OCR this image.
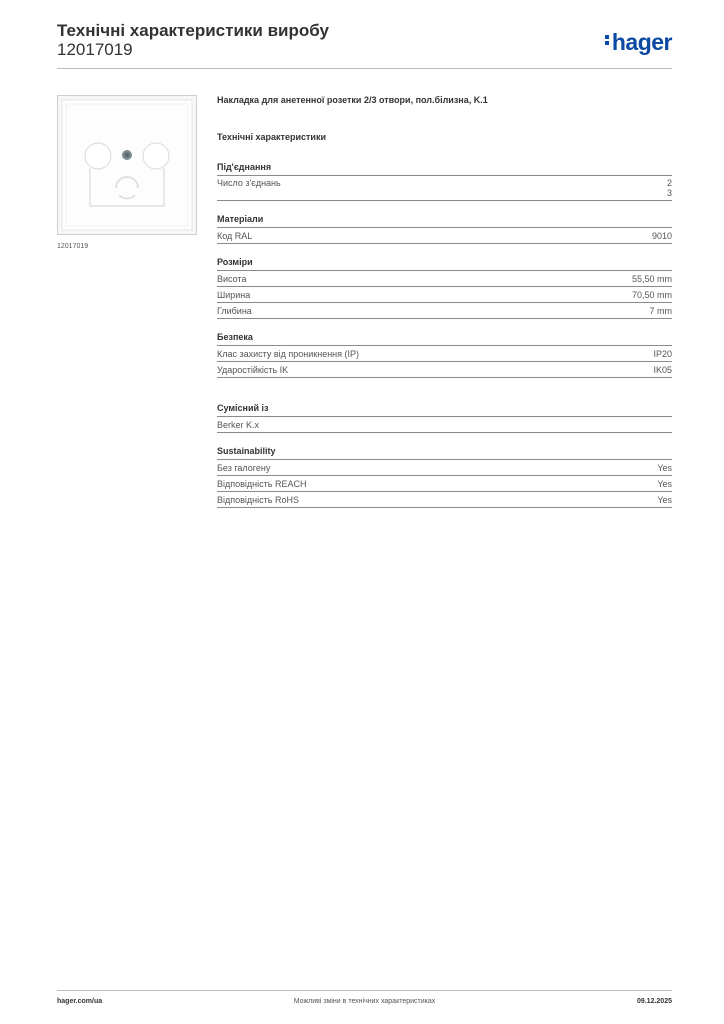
Технічні характеристики виробу
12017019	hager
12017019
Накладка для анетенної розетки 2/3 отвори, пол.білизна, K.1
Технічні характеристики
Під'єднання
Число з'єднань	2
3
Матеріали
Код RAL	9010
Розміри
Висота	55,50 mm
Ширина	70,50 mm
Глибина	7 mm
Безпека
Клас захисту від проникнення (IP)	IP20
Ударостійкість IK	IK05
Сумісний із
Berker K.x
Sustainability
Без галогену	Yes
Відповідність REACH	Yes
Відповідність RoHS	Yes
hager.com/ua	Можливі зміни в технічних характеристиках	09.12.2025
